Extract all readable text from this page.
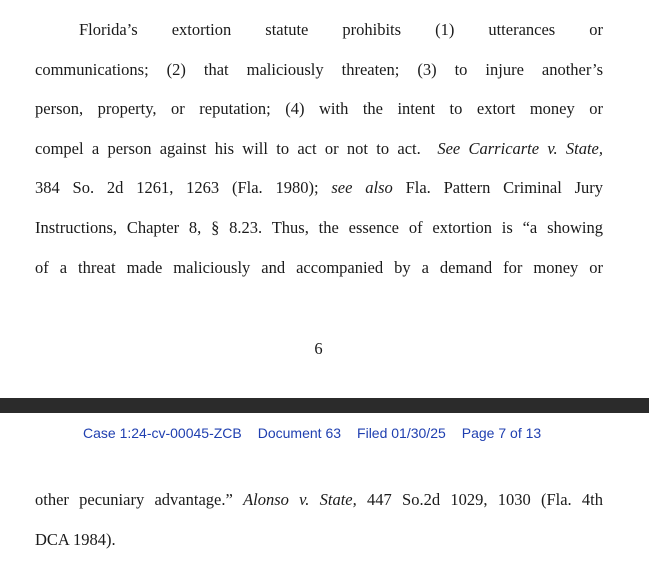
Florida’s extortion statute prohibits (1) utterances or
communications; (2) that maliciously threaten; (3) to injure another’s
person, property, or reputation; (4) with the intent to extort money or
compel a person against his will to act or not to act. See Carricarte v. State,
384 So. 2d 1261, 1263 (Fla. 1980); see also Fla. Pattern Criminal Jury
Instructions, Chapter 8, § 8.23. Thus, the essence of extortion is “a showing
of a threat made maliciously and accompanied by a demand for money or
6
Case 1:24-cv-00045-ZCB Document 63 Filed 01/30/25 Page 7 of 13
other pecuniary advantage.” Alonso v. State, 447 So.2d 1029, 1030 (Fla. 4th
DCA 1984).
